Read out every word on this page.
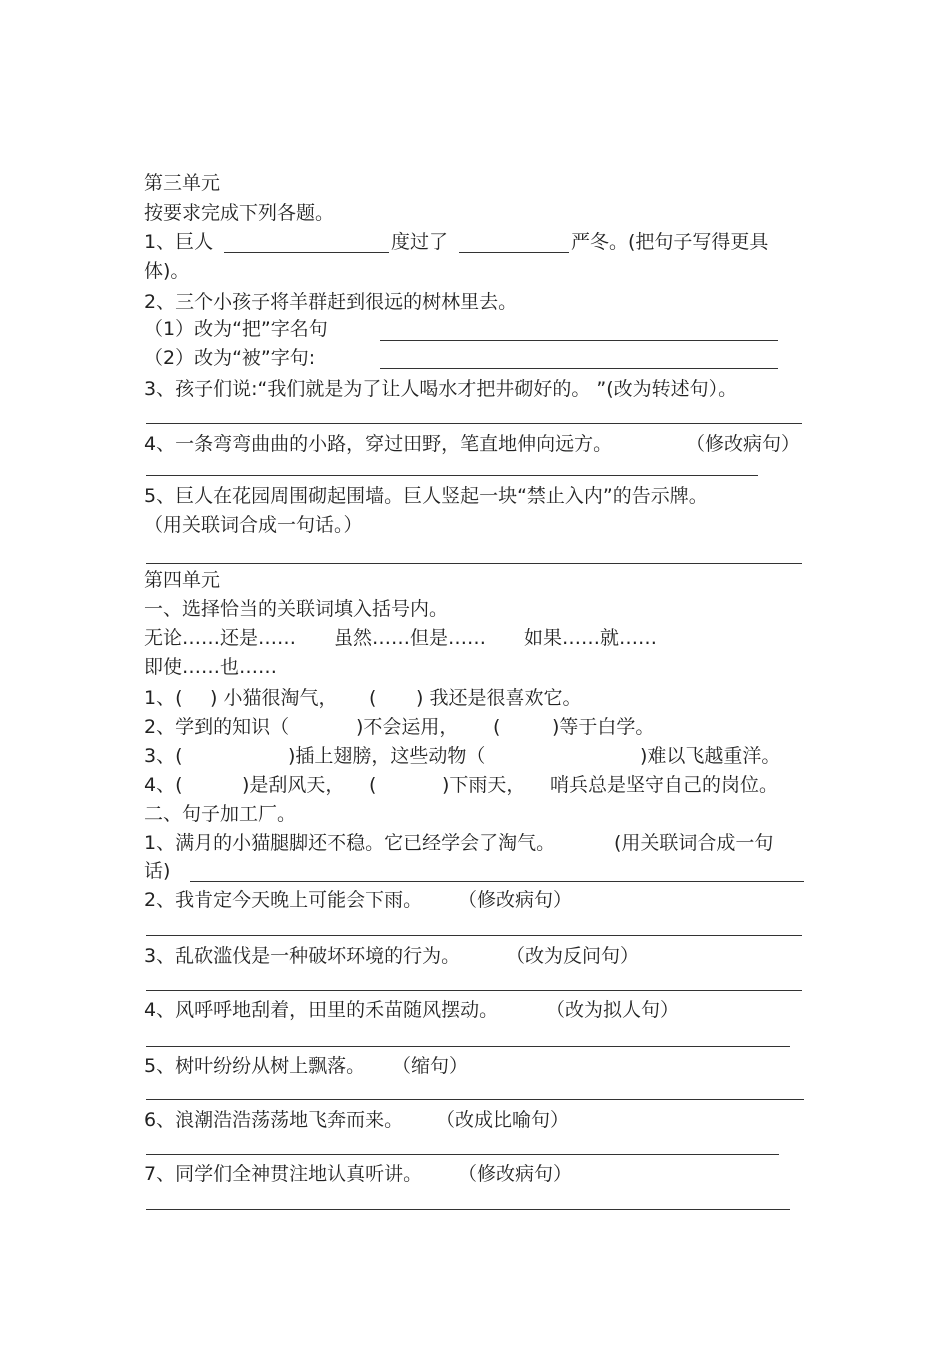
第三单元
按要求完成下列各题。
1、巨人	度过了	严冬。(把句子写得更具
体)。
2、三个小孩子将羊群赶到很远的树林里去。
（1）改为“把”字名句
（2）改为“被”字句:
3、孩子们说:“我们就是为了让人喝水才把井砌好的。 ”(改为转述句）。
4、一条弯弯曲曲的小路，穿过田野，笔直地伸向远方。	（修改病句）
5、巨人在花园周围砌起围墙。巨人竖起一块“禁止入内”的告示牌。
（用关联词合成一句话。）
第四单元
一、选择恰当的关联词填入括号内。
无论……还是…… 虽然……但是…… 如果……就……
即使……也……
1、( ) 小猫很淘气， ( ) 我还是很喜欢它。
2、学到的知识（	)不会运用， (	)等于白学。
3、(	)插上翅膀，这些动物（	)难以飞越重洋。
4、(	)是刮风天， (	)下雨天， 哨兵总是坚守自己的岗位。
二、句子加工厂。
1、满月的小猫腿脚还不稳。它已经学会了淘气。	(用关联词合成一句
话)
2、我肯定今天晚上可能会下雨。 （修改病句）
3、乱砍滥伐是一种破坏环境的行为。 （改为反问句）
4、风呼呼地刮着，田里的禾苗随风摆动。	（改为拟人句）
5、树叶纷纷从树上飘落。 （缩句）
6、浪潮浩浩荡荡地飞奔而来。 （改成比喻句）
7、同学们全神贯注地认真听讲。 （修改病句）
